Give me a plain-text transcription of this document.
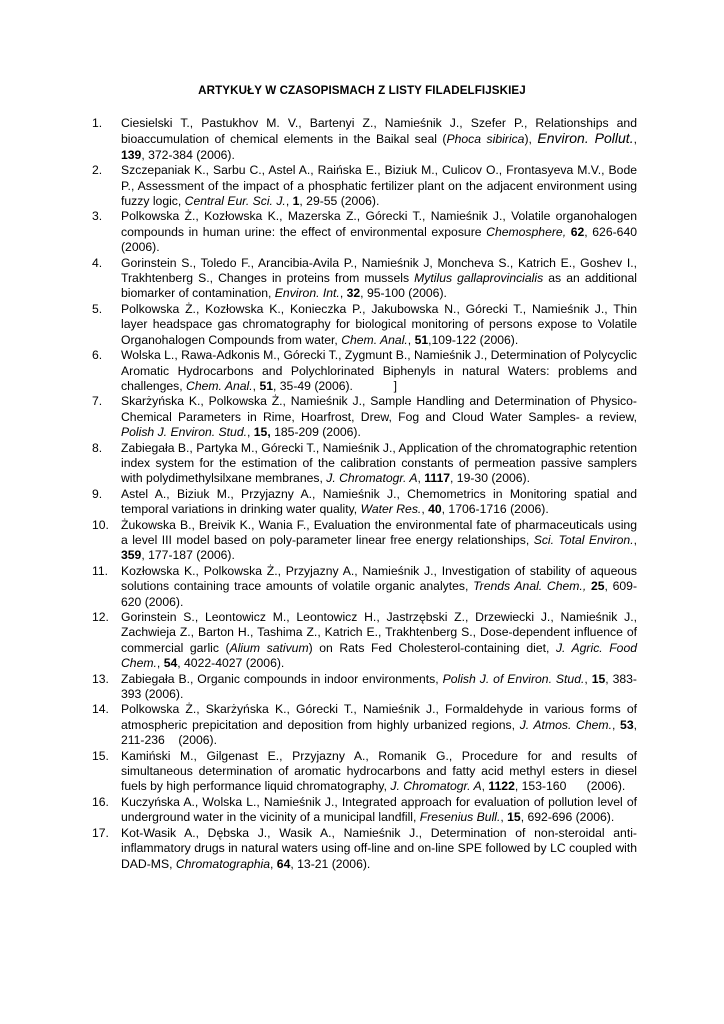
ARTYKUŁY W CZASOPISMACH Z LISTY FILADELFIJSKIEJ
1. Ciesielski T., Pastukhov M. V., Bartenyi Z., Namieśnik J., Szefer P., Relationships and bioaccumulation of chemical elements in the Baikal seal (Phoca sibirica), Environ. Pollut., 139, 372-384 (2006).
2. Szczepaniak K., Sarbu C., Astel A., Raińska E., Biziuk M., Culicov O., Frontasyeva M.V., Bode P., Assessment of the impact of a phosphatic fertilizer plant on the adjacent environment using fuzzy logic, Central Eur. Sci. J., 1, 29-55 (2006).
3. Polkowska Ż., Kozłowska K., Mazerska Z., Górecki T., Namieśnik J., Volatile organohalogen compounds in human urine: the effect of environmental exposure Chemosphere, 62, 626-640 (2006).
4. Gorinstein S., Toledo F., Arancibia-Avila P., Namieśnik J, Moncheva S., Katrich E., Goshev I., Trakhtenberg S., Changes in proteins from mussels Mytilus gallaprovincialis as an additional biomarker of contamination, Environ. Int., 32, 95-100 (2006).
5. Polkowska Ż., Kozłowska K., Konieczka P., Jakubowska N., Górecki T., Namieśnik J., Thin layer headspace gas chromatography for biological monitoring of persons expose to Volatile Organohalogen Compounds from water, Chem. Anal., 51,109-122 (2006).
6. Wolska L., Rawa-Adkonis M., Górecki T., Zygmunt B., Namieśnik J., Determination of Polycyclic Aromatic Hydrocarbons and Polychlorinated Biphenyls in natural Waters: problems and challenges, Chem. Anal., 51, 35-49 (2006).            ]
7. Skarżyńska K., Polkowska Ż., Namieśnik J., Sample Handling and Determination of Physico-Chemical Parameters in Rime, Hoarfrost, Drew, Fog and Cloud Water Samples- a review, Polish J. Environ. Stud., 15, 185-209 (2006).
8. Zabiegała B., Partyka M., Górecki T., Namieśnik J., Application of the chromatographic retention index system for the estimation of the calibration constants of permeation passive samplers with polydimethylsilxane membranes, J. Chromatogr. A, 1117, 19-30 (2006).
9. Astel A., Biziuk M., Przyjazny A., Namieśnik J., Chemometrics in Monitoring spatial and temporal variations in drinking water quality, Water Res., 40, 1706-1716 (2006).
10. Żukowska B., Breivik K., Wania F., Evaluation the environmental fate of pharmaceuticals using a level III model based on poly-parameter linear free energy relationships, Sci. Total Environ., 359, 177-187 (2006).
11. Kozłowska K., Polkowska Ż., Przyjazny A., Namieśnik J., Investigation of stability of aqueous solutions containing trace amounts of volatile organic analytes, Trends Anal. Chem., 25, 609-620 (2006).
12. Gorinstein S., Leontowicz M., Leontowicz H., Jastrzębski Z., Drzewiecki J., Namieśnik J., Zachwieja Z., Barton H., Tashima Z., Katrich E., Trakhtenberg S., Dose-dependent influence of commercial garlic (Alium sativum) on Rats Fed Cholesterol-containing diet, J. Agric. Food Chem., 54, 4022-4027 (2006).
13. Zabiegała B., Organic compounds in indoor environments, Polish J. of Environ. Stud., 15, 383-393 (2006).
14. Polkowska Ż., Skarżyńska K., Górecki T., Namieśnik J., Formaldehyde in various forms of atmospheric prepicitation and deposition from highly urbanized regions, J. Atmos. Chem., 53, 211-236    (2006).
15. Kamiński M., Gilgenast E., Przyjazny A., Romanik G., Procedure for and results of simultaneous determination of aromatic hydrocarbons and fatty acid methyl esters in diesel fuels by high performance liquid chromatography, J. Chromatogr. A, 1122, 153-160      (2006).
16. Kuczyńska A., Wolska L., Namieśnik J., Integrated approach for evaluation of pollution level of underground water in the vicinity of a municipal landfill, Fresenius Bull., 15, 692-696 (2006).
17. Kot-Wasik A., Dębska J., Wasik A., Namieśnik J., Determination of non-steroidal anti-inflammatory drugs in natural waters using off-line and on-line SPE followed by LC coupled with DAD-MS, Chromatographia, 64, 13-21 (2006).
